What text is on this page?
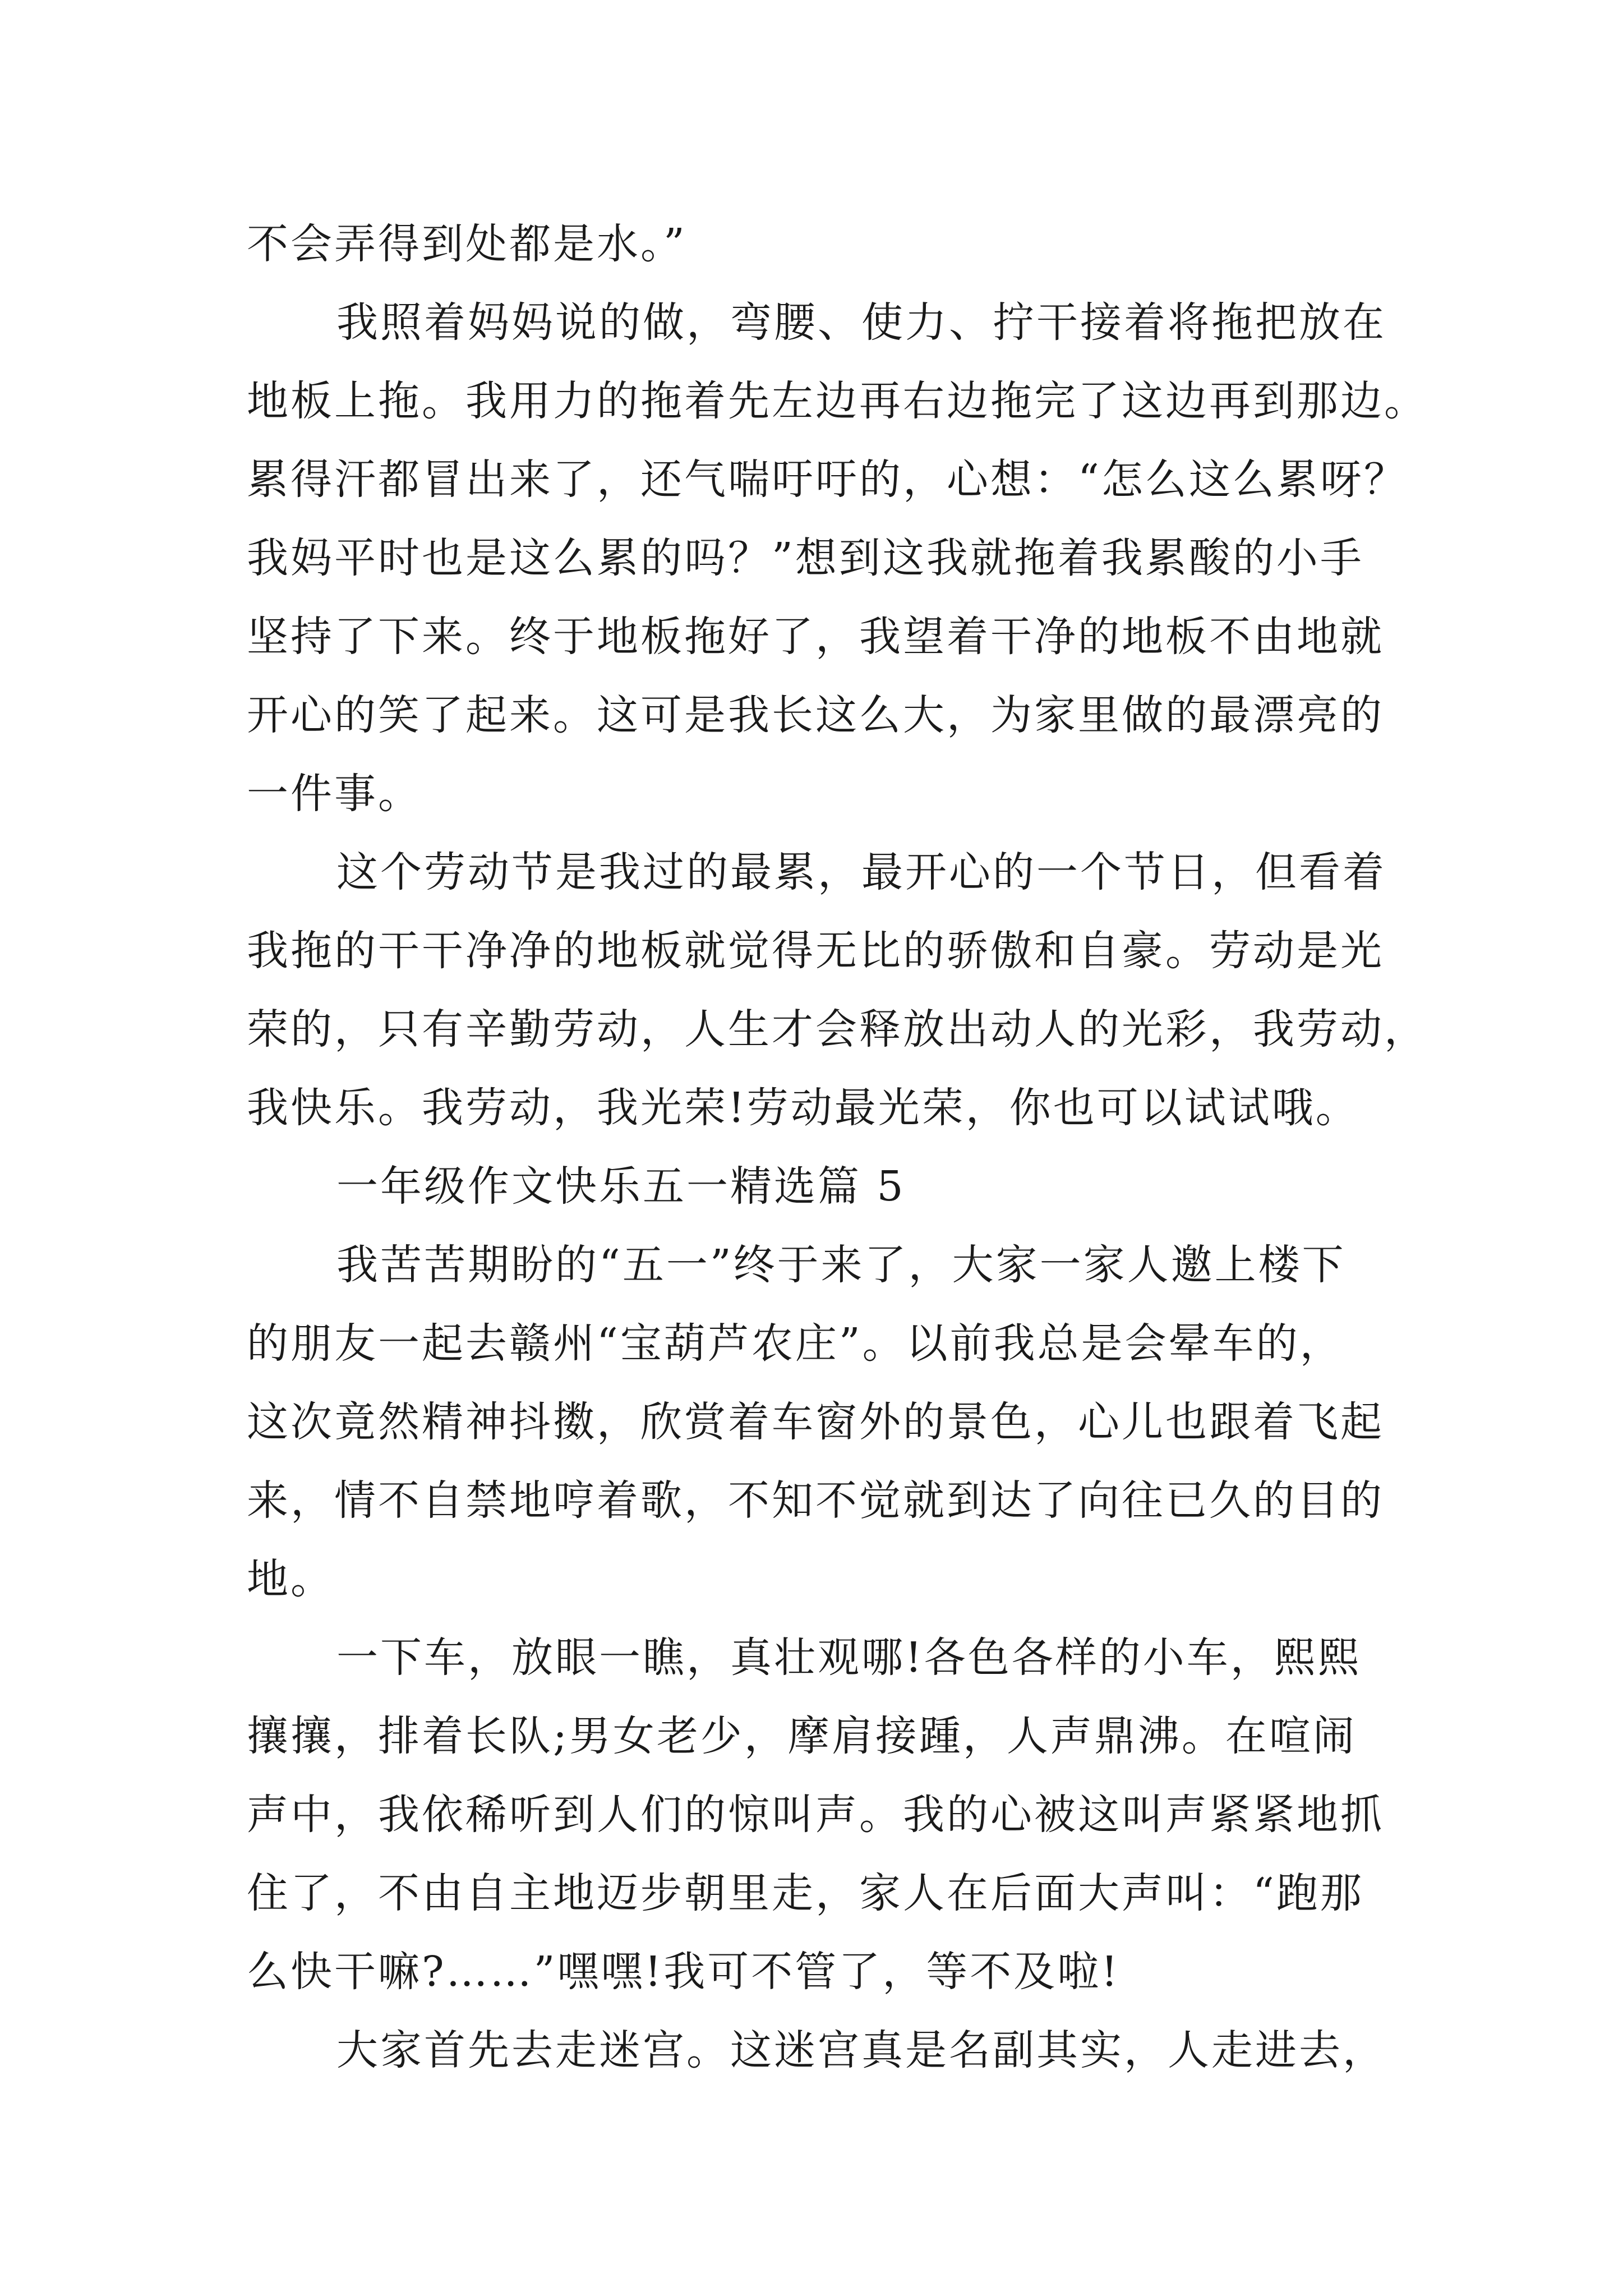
不会弄得到处都是水。”
我照着妈妈说的做，弯腰、使力、拧干接着将拖把放在
地板上拖。我用力的拖着先左边再右边拖完了这边再到那边。
累得汗都冒出来了，还气喘吁吁的，心想：“怎么这么累呀？
我妈平时也是这么累的吗？”想到这我就拖着我累酸的小手
坚持了下来。终于地板拖好了，我望着干净的地板不由地就
开心的笑了起来。这可是我长这么大，为家里做的最漂亮的
一件事。
这个劳动节是我过的最累，最开心的一个节日，但看着
我拖的干干净净的地板就觉得无比的骄傲和自豪。劳动是光
荣的，只有辛勤劳动，人生才会释放出动人的光彩，我劳动，
我快乐。我劳动，我光荣!劳动最光荣，你也可以试试哦。
一年级作文快乐五一精选篇 5
我苦苦期盼的“五一”终于来了，大家一家人邀上楼下
的朋友一起去赣州“宝葫芦农庄”。以前我总是会晕车的，
这次竟然精神抖擞，欣赏着车窗外的景色，心儿也跟着飞起
来，情不自禁地哼着歌，不知不觉就到达了向往已久的目的
地。
一下车，放眼一瞧，真壮观哪!各色各样的小车，熙熙
攘攘，排着长队;男女老少，摩肩接踵，人声鼎沸。在喧闹
声中，我依稀听到人们的惊叫声。我的心被这叫声紧紧地抓
住了，不由自主地迈步朝里走，家人在后面大声叫：“跑那
么快干嘛?……”嘿嘿!我可不管了，等不及啦!
大家首先去走迷宫。这迷宫真是名副其实，人走进去，
